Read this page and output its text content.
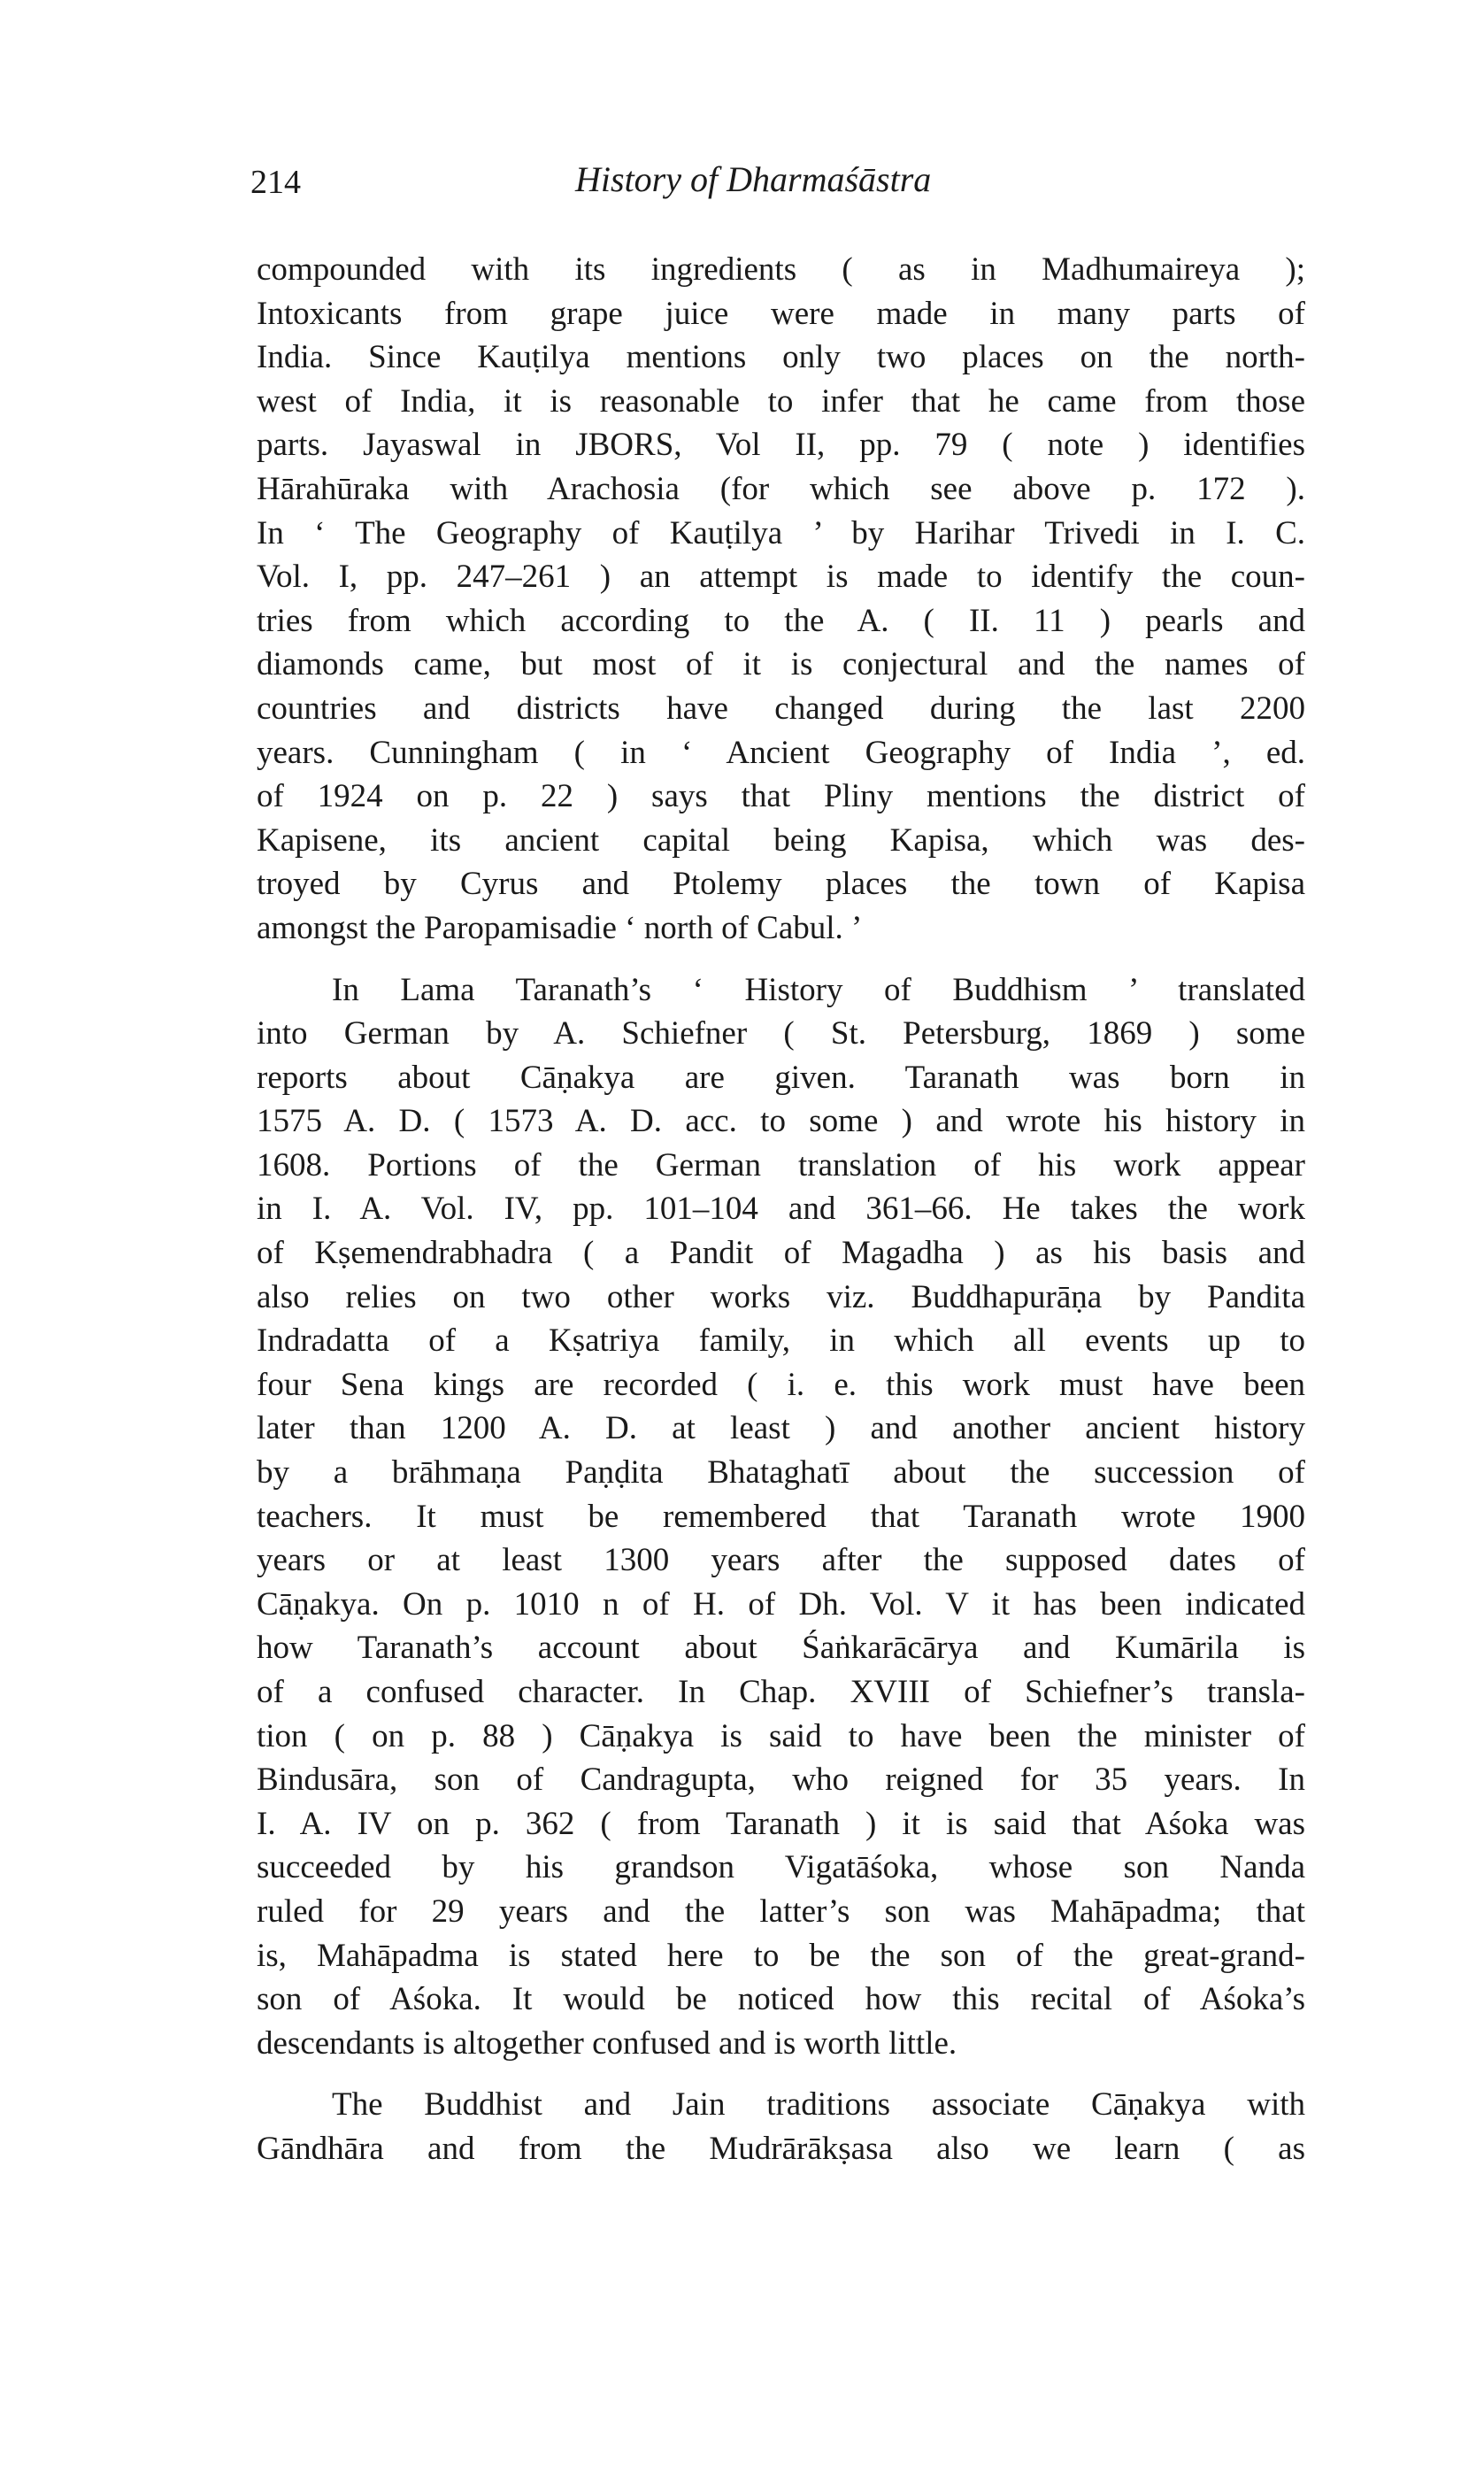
214	History of Dharmaśāstra
compounded with its ingredients ( as in Madhumaireya );
Intoxicants from grape juice were made in many parts of
India. Since Kauṭilya mentions only two places on the north-
west of India, it is reasonable to infer that he came from those
parts. Jayaswal in JBORS, Vol II, pp. 79 ( note ) identifies
Hārahūraka with Arachosia (for which see above p. 172 ).
In ‘ The Geography of Kauṭilya ’ by Harihar Trivedi in I. C.
Vol. I, pp. 247–261 ) an attempt is made to identify the coun-
tries from which according to the A. ( II. 11 ) pearls and
diamonds came, but most of it is conjectural and the names of
countries and districts have changed during the last 2200
years. Cunningham ( in ‘ Ancient Geography of India ’, ed.
of 1924 on p. 22 ) says that Pliny mentions the district of
Kapisene, its ancient capital being Kapisa, which was des-
troyed by Cyrus and Ptolemy places the town of Kapisa
amongst the Paropamisadie ‘ north of Cabul. ’
In Lama Taranath’s ‘ History of Buddhism ’ translated
into German by A. Schiefner ( St. Petersburg, 1869 ) some
reports about Cāṇakya are given. Taranath was born in
1575 A. D. ( 1573 A. D. acc. to some ) and wrote his history in
1608. Portions of the German translation of his work appear
in I. A. Vol. IV, pp. 101–104 and 361–66. He takes the work
of Kṣemendrabhadra ( a Pandit of Magadha ) as his basis and
also relies on two other works viz. Buddhapurāṇa by Pandita
Indradatta of a Kṣatriya family, in which all events up to
four Sena kings are recorded ( i. e. this work must have been
later than 1200 A. D. at least ) and another ancient history
by a brāhmaṇa Paṇḍita Bhataghatī about the succession of
teachers. It must be remembered that Taranath wrote 1900
years or at least 1300 years after the supposed dates of
Cāṇakya. On p. 1010 n of H. of Dh. Vol. V it has been indicated
how Taranath’s account about Śaṅkarācārya and Kumārila is
of a confused character. In Chap. XVIII of Schiefner’s transla-
tion ( on p. 88 ) Cāṇakya is said to have been the minister of
Bindusāra, son of Candragupta, who reigned for 35 years. In
I. A. IV on p. 362 ( from Taranath ) it is said that Aśoka was
succeeded by his grandson Vigatāśoka, whose son Nanda
ruled for 29 years and the latter’s son was Mahāpadma; that
is, Mahāpadma is stated here to be the son of the great-grand-
son of Aśoka. It would be noticed how this recital of Aśoka’s
descendants is altogether confused and is worth little.
The Buddhist and Jain traditions associate Cāṇakya with
Gāndhāra and from the Mudrārākṣasa also we learn ( as
